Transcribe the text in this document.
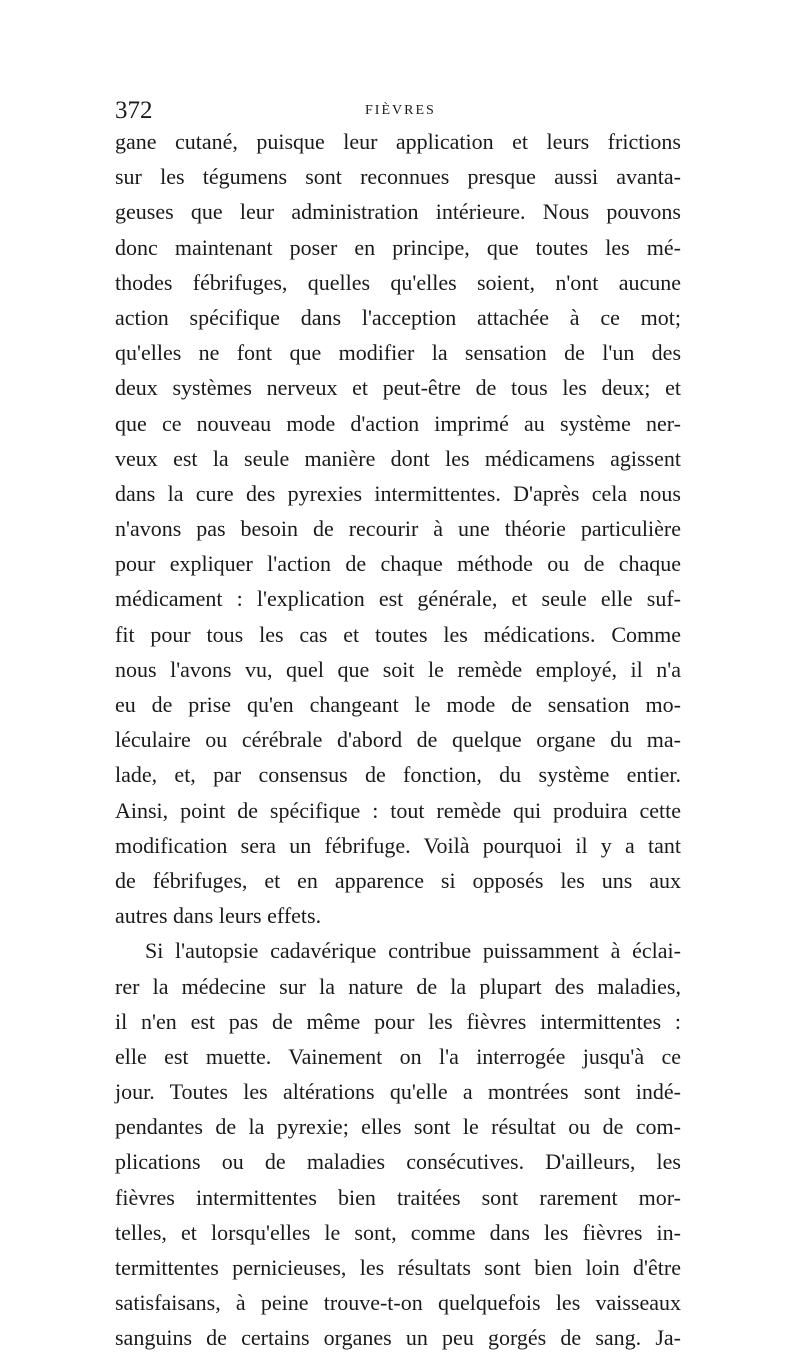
372	FIÈVRES
gane cutané, puisque leur application et leurs frictions
sur les tégumens sont reconnues presque aussi avanta-
geuses que leur administration intérieure. Nous pouvons
donc maintenant poser en principe, que toutes les mé-
thodes fébrifuges, quelles qu'elles soient, n'ont aucune
action spécifique dans l'acception attachée à ce mot;
qu'elles ne font que modifier la sensation de l'un des
deux systèmes nerveux et peut-être de tous les deux; et
que ce nouveau mode d'action imprimé au système ner-
veux est la seule manière dont les médicamens agissent
dans la cure des pyrexies intermittentes. D'après cela nous
n'avons pas besoin de recourir à une théorie particulière
pour expliquer l'action de chaque méthode ou de chaque
médicament : l'explication est générale, et seule elle suf-
fit pour tous les cas et toutes les médications. Comme
nous l'avons vu, quel que soit le remède employé, il n'a
eu de prise qu'en changeant le mode de sensation mo-
léculaire ou cérébrale d'abord de quelque organe du ma-
lade, et, par consensus de fonction, du système entier.
Ainsi, point de spécifique : tout remède qui produira cette
modification sera un fébrifuge. Voilà pourquoi il y a tant
de fébrifuges, et en apparence si opposés les uns aux
autres dans leurs effets.
Si l'autopsie cadavérique contribue puissamment à éclai-
rer la médecine sur la nature de la plupart des maladies,
il n'en est pas de même pour les fièvres intermittentes :
elle est muette. Vainement on l'a interrogée jusqu'à ce
jour. Toutes les altérations qu'elle a montrées sont indé-
pendantes de la pyrexie; elles sont le résultat ou de com-
plications ou de maladies consécutives. D'ailleurs, les
fièvres intermittentes bien traitées sont rarement mor-
telles, et lorsqu'elles le sont, comme dans les fièvres in-
termittentes pernicieuses, les résultats sont bien loin d'être
satisfaisans, à peine trouve-t-on quelquefois les vaisseaux
sanguins de certains organes un peu gorgés de sang. Ja-
